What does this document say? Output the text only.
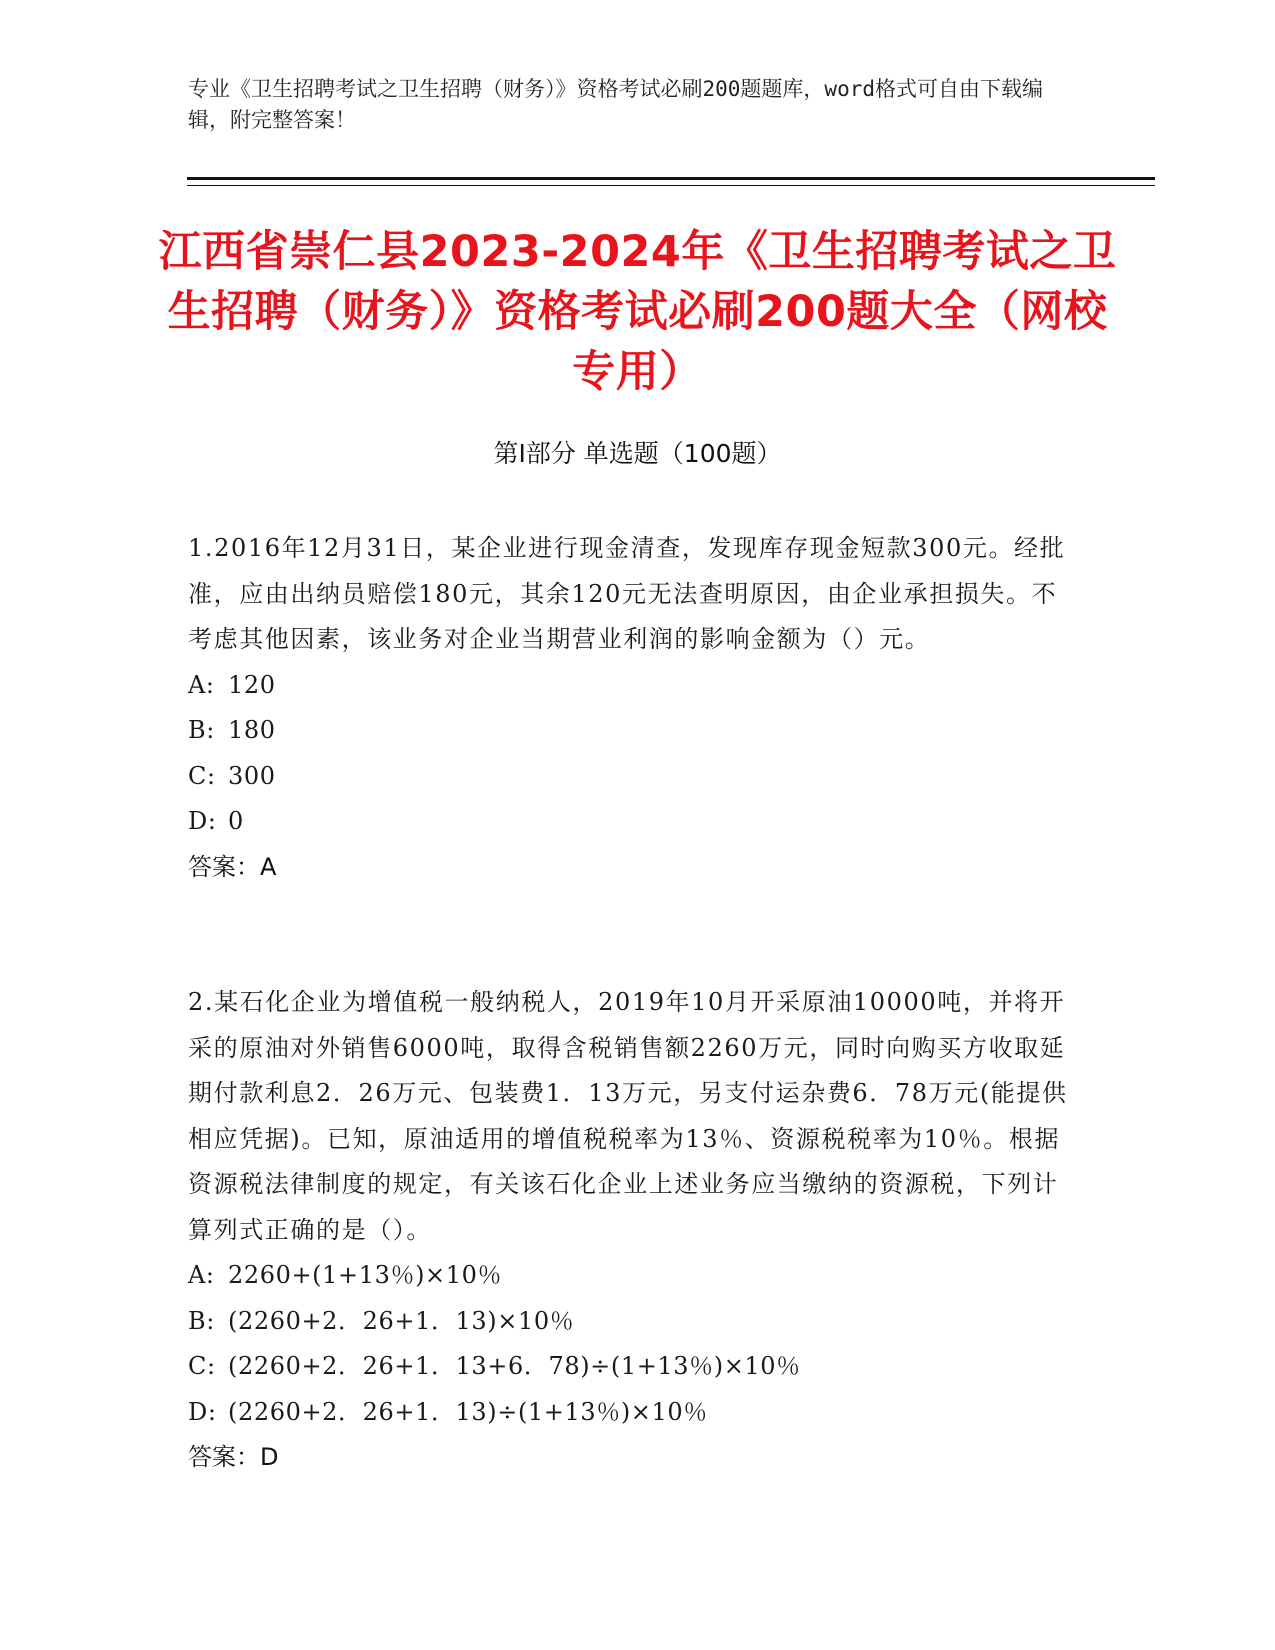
专业《卫生招聘考试之卫生招聘（财务）》资格考试必刷200题题库，word格式可自由下载编辑，附完整答案！
江西省崇仁县2023-2024年《卫生招聘考试之卫生招聘（财务）》资格考试必刷200题大全（网校专用）
第I部分 单选题（100题）

1.2016年12月31日，某企业进行现金清查，发现库存现金短款300元。经批准，应由出纳员赔偿180元，其余120元无法查明原因，由企业承担损失。不考虑其他因素，该业务对企业当期营业利润的影响金额为（）元。

A: 120

B: 180

C: 300

D: 0

答案：A

2.某石化企业为增值税一般纳税人，2019年10月开采原油10000吨，并将开采的原油对外销售6000吨，取得含税销售额2260万元，同时向购买方收取延期付款利息2．26万元、包装费1．13万元，另支付运杂费6．78万元(能提供相应凭据)。已知，原油适用的增值税税率为13％、资源税税率为10％。根据资源税法律制度的规定，有关该石化企业上述业务应当缴纳的资源税，下列计算列式正确的是（）。

A: 2260+(1+13％)×10％

B: (2260+2．26+1．13)×10％

C: (2260+2．26+1．13+6．78)÷(1+13％)×10％

D: (2260+2．26+1．13)÷(1+13％)×10％

答案：D
